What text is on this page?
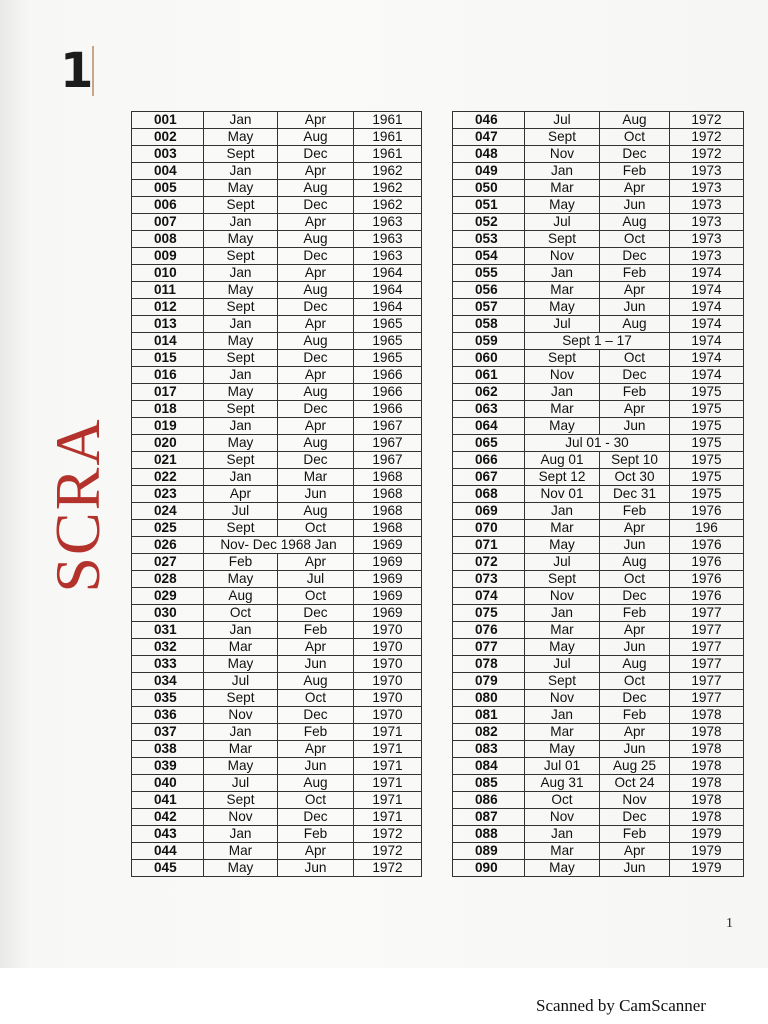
1
SCRA
001	Jan	Apr	1961
002	May	Aug	1961
003	Sept	Dec	1961
004	Jan	Apr	1962
005	May	Aug	1962
006	Sept	Dec	1962
007	Jan	Apr	1963
008	May	Aug	1963
009	Sept	Dec	1963
010	Jan	Apr	1964
011	May	Aug	1964
012	Sept	Dec	1964
013	Jan	Apr	1965
014	May	Aug	1965
015	Sept	Dec	1965
016	Jan	Apr	1966
017	May	Aug	1966
018	Sept	Dec	1966
019	Jan	Apr	1967
020	May	Aug	1967
021	Sept	Dec	1967
022	Jan	Mar	1968
023	Apr	Jun	1968
024	Jul	Aug	1968
025	Sept	Oct	1968
026	Nov- Dec 1968 Jan		1969
027	Feb	Apr	1969
028	May	Jul	1969
029	Aug	Oct	1969
030	Oct	Dec	1969
031	Jan	Feb	1970
032	Mar	Apr	1970
033	May	Jun	1970
034	Jul	Aug	1970
035	Sept	Oct	1970
036	Nov	Dec	1970
037	Jan	Feb	1971
038	Mar	Apr	1971
039	May	Jun	1971
040	Jul	Aug	1971
041	Sept	Oct	1971
042	Nov	Dec	1971
043	Jan	Feb	1972
044	Mar	Apr	1972
045	May	Jun	1972
046	Jul	Aug	1972
047	Sept	Oct	1972
048	Nov	Dec	1972
049	Jan	Feb	1973
050	Mar	Apr	1973
051	May	Jun	1973
052	Jul	Aug	1973
053	Sept	Oct	1973
054	Nov	Dec	1973
055	Jan	Feb	1974
056	Mar	Apr	1974
057	May	Jun	1974
058	Jul	Aug	1974
059	Sept 1 – 17		1974
060	Sept	Oct	1974
061	Nov	Dec	1974
062	Jan	Feb	1975
063	Mar	Apr	1975
064	May	Jun	1975
065	Jul 01 - 30		1975
066	Aug 01	Sept 10	1975
067	Sept 12	Oct 30	1975
068	Nov 01	Dec 31	1975
069	Jan	Feb	1976
070	Mar	Apr	196
071	May	Jun	1976
072	Jul	Aug	1976
073	Sept	Oct	1976
074	Nov	Dec	1976
075	Jan	Feb	1977
076	Mar	Apr	1977
077	May	Jun	1977
078	Jul	Aug	1977
079	Sept	Oct	1977
080	Nov	Dec	1977
081	Jan	Feb	1978
082	Mar	Apr	1978
083	May	Jun	1978
084	Jul 01	Aug 25	1978
085	Aug 31	Oct 24	1978
086	Oct	Nov	1978
087	Nov	Dec	1978
088	Jan	Feb	1979
089	Mar	Apr	1979
090	May	Jun	1979
1
Scanned by CamScanner
